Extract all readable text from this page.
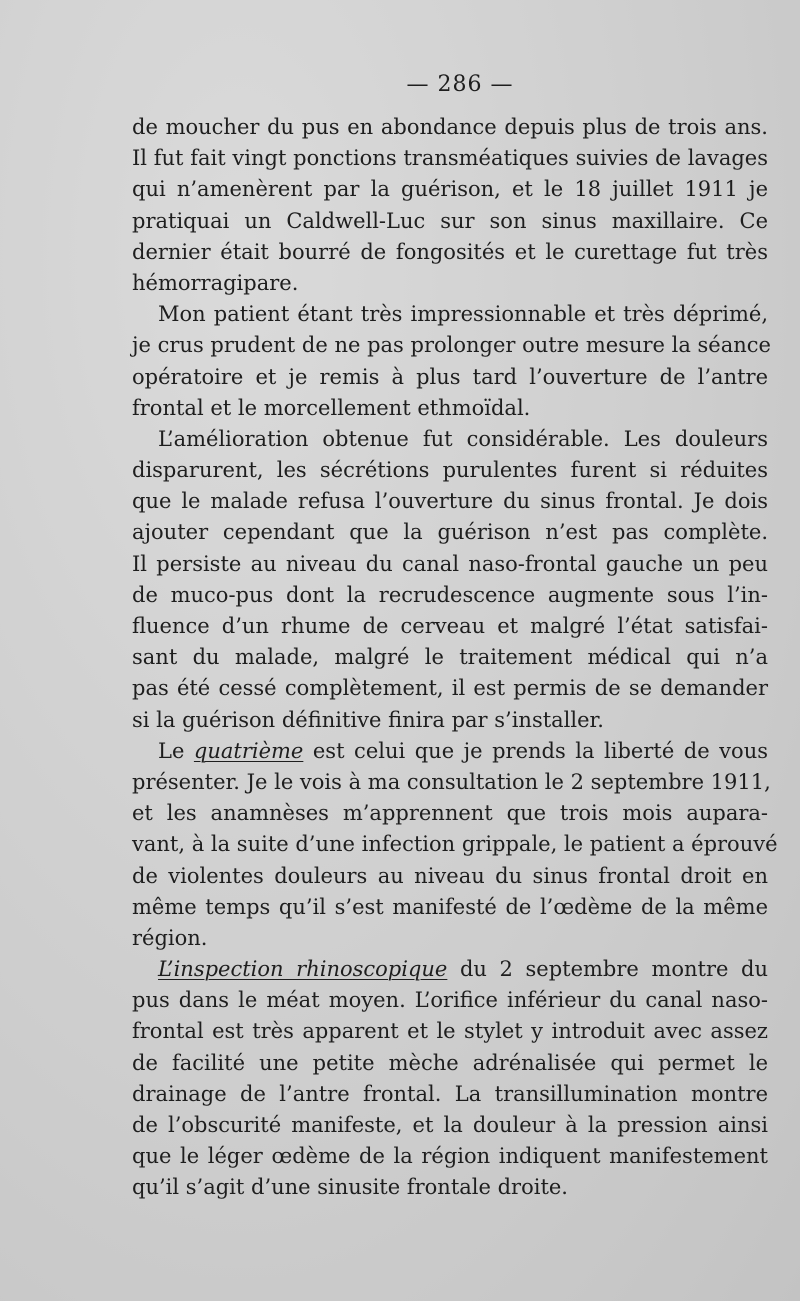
— 286 —
de moucher du pus en abondance depuis plus de trois ans.
Il fut fait vingt ponctions transméatiques suivies de lavages
qui n’amenèrent par la guérison, et le 18 juillet 1911 je
pratiquai un Caldwell-Luc sur son sinus maxillaire. Ce
dernier était bourré de fongosités et le curettage fut très
hémorragipare.
Mon patient étant très impressionnable et très déprimé,
je crus prudent de ne pas prolonger outre mesure la séance
opératoire et je remis à plus tard l’ouverture de l’antre
frontal et le morcellement ethmoïdal.
L’amélioration obtenue fut considérable. Les douleurs
disparurent, les sécrétions purulentes furent si réduites
que le malade refusa l’ouverture du sinus frontal. Je dois
ajouter cependant que la guérison n’est pas complète.
Il persiste au niveau du canal naso-frontal gauche un peu
de muco-pus dont la recrudescence augmente sous l’in-
fluence d’un rhume de cerveau et malgré l’état satisfai-
sant du malade, malgré le traitement médical qui n’a
pas été cessé complètement, il est permis de se demander
si la guérison définitive finira par s’installer.
Le quatrième est celui que je prends la liberté de vous
présenter. Je le vois à ma consultation le 2 septembre 1911,
et les anamnèses m’apprennent que trois mois aupara-
vant, à la suite d’une infection grippale, le patient a éprouvé
de violentes douleurs au niveau du sinus frontal droit en
même temps qu’il s’est manifesté de l’œdème de la même
région.
L’inspection rhinoscopique du 2 septembre montre du
pus dans le méat moyen. L’orifice inférieur du canal naso-
frontal est très apparent et le stylet y introduit avec assez
de facilité une petite mèche adrénalisée qui permet le
drainage de l’antre frontal. La transillumination montre
de l’obscurité manifeste, et la douleur à la pression ainsi
que le léger œdème de la région indiquent manifestement
qu’il s’agit d’une sinusite frontale droite.
